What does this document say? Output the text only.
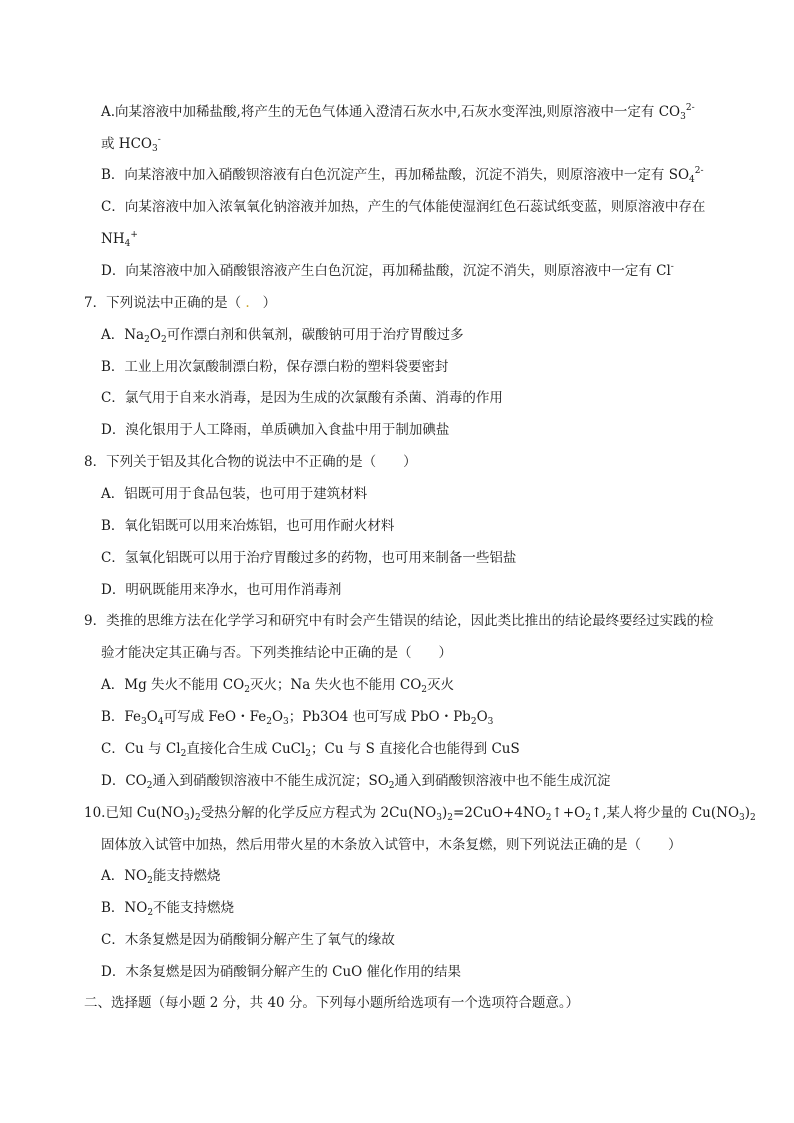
A.向某溶液中加稀盐酸,将产生的无色气体通入澄清石灰水中,石灰水变浑浊,则原溶液中一定有 $CO_3^{2-}$
或 $HCO_3^-$
B．向某溶液中加入硝酸钡溶液有白色沉淀产生，再加稀盐酸，沉淀不消失，则原溶液中一定有 $SO_4^{2-}$
C．向某溶液中加入浓氧氧化钠溶液并加热，产生的气体能使湿润红色石蕊试纸变蓝，则原溶液中存在
$NH_4^+$
D．向某溶液中加入硝酸银溶液产生白色沉淀，再加稀盐酸，沉淀不消失，则原溶液中一定有 Cl-
7．下列说法中正确的是（ . ）
A．$Na_2O_2$可作漂白剂和供氧剂，碳酸钠可用于治疗胃酸过多
B．工业上用次氯酸制漂白粉，保存漂白粉的塑料袋要密封
C．氯气用于自来水消毒，是因为生成的次氯酸有杀菌、消毒的作用
D．溴化银用于人工降雨，单质碘加入食盐中用于制加碘盐
8．下列关于铝及其化合物的说法中不正确的是（　　）
A．铝既可用于食品包装，也可用于建筑材料
B．氧化铝既可以用来冶炼铝，也可用作耐火材料
C．氢氧化铝既可以用于治疗胃酸过多的药物，也可用来制备一些铝盐
D．明矾既能用来净水，也可用作消毒剂
9．类推的思维方法在化学学习和研究中有时会产生错误的结论，因此类比推出的结论最终要经过实践的检
验才能决定其正确与否。下列类推结论中正确的是（　　）
A．Mg 失火不能用 $CO_2$灭火；Na 失火也不能用 $CO_2$灭火
B．$Fe_3O_4$可写成 FeO・$Fe_2O_3$；Pb3O4 也可写成 PbO・$Pb_2O_3$
C．Cu 与 $Cl_2$直接化合生成 CuCl$_2$；Cu 与 S 直接化合也能得到 CuS
D．$CO_2$通入到硝酸钡溶液中不能生成沉淀；$SO_2$通入到硝酸钡溶液中也不能生成沉淀
10.已知 $Cu(NO_3)_2$受热分解的化学反应方程式为 $2Cu(NO_3)_2=2CuO+4NO_2↑+O_2↑$,某人将少量的 $Cu(NO_3)_2$
固体放入试管中加热，然后用带火星的木条放入试管中，木条复燃，则下列说法正确的是（　　）
A．$NO_2$能支持燃烧
B．$NO_2$不能支持燃烧
C．木条复燃是因为硝酸铜分解产生了氧气的缘故
D．木条复燃是因为硝酸铜分解产生的 CuO 催化作用的结果
二、选择题（每小题 2 分，共 40 分。下列每小题所给选项有一个选项符合题意。）
